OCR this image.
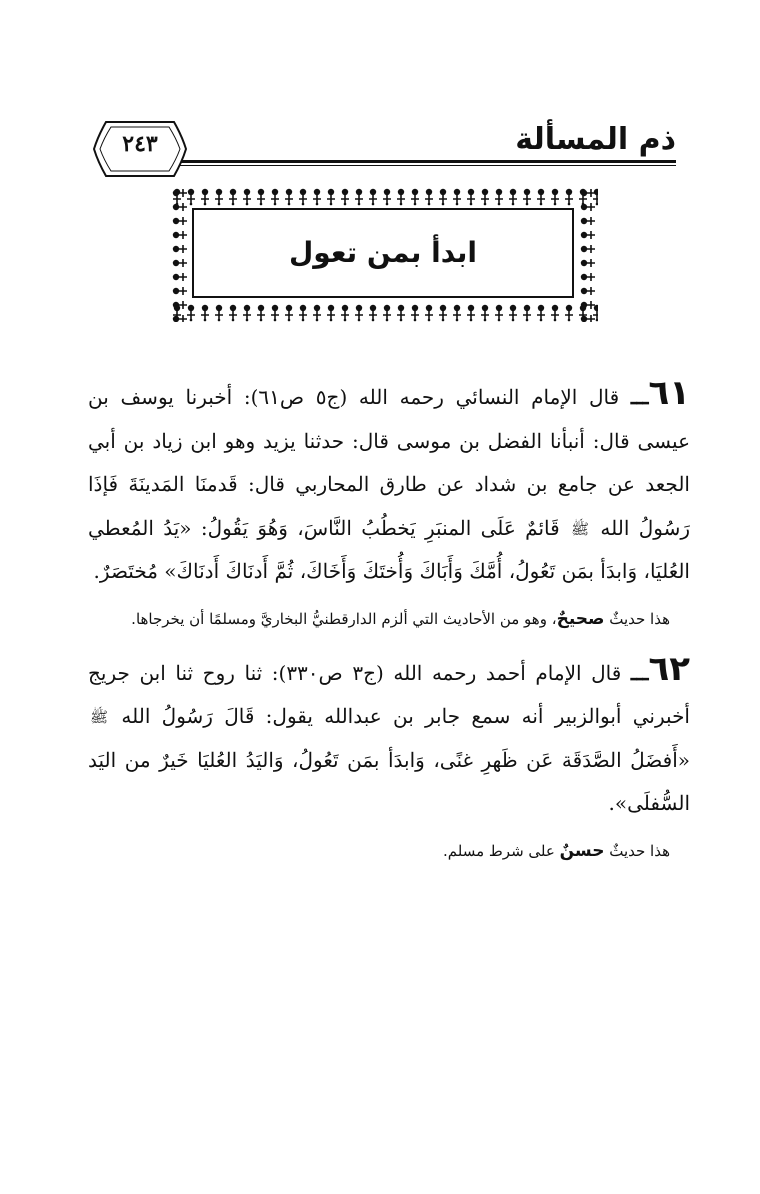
ذم المسألة
٢٤٣
ابدأ بمن تعول

٦١ـــ قال الإمام النسائي رحمه الله (ج٥ ص٦١): أخبرنا يوسف بن عيسى قال: أنبأنا الفضل بن موسى قال: حدثنا يزيد وهو ابن زياد بن أبي الجعد عن جامع بن شداد عن طارق المحاربي قال: قَدمنَا المَدينَةَ فَإذَا رَسُولُ الله ﷺ قَائمٌ عَلَى المنبَرِ يَخطُبُ النَّاسَ، وَهُوَ يَقُولُ: «يَدُ المُعطي العُليَا، وَابدَأ بمَن تَعُولُ، أُمَّكَ وَأَبَاكَ وَأُختَكَ وَأَخَاكَ، ثُمَّ أَدنَاكَ أَدنَاكَ» مُختَصَرٌ.

هذا حديثٌ صحيحٌ، وهو من الأحاديث التي ألزم الدارقطنيُّ البخاريَّ ومسلمًا أن يخرجاها.

٦٢ـــ قال الإمام أحمد رحمه الله (ج٣ ص٣٣٠): ثنا روح ثنا ابن جريج أخبرني أبوالزبير أنه سمع جابر بن عبدالله يقول: قَالَ رَسُولُ الله ﷺ «أَفضَلُ الصَّدَقَة عَن ظَهرِ غنًى، وَابدَأ بمَن تَعُولُ، وَاليَدُ العُليَا خَيرٌ من اليَد السُّفلَى».

هذا حديثٌ حسنٌ على شرط مسلم.
